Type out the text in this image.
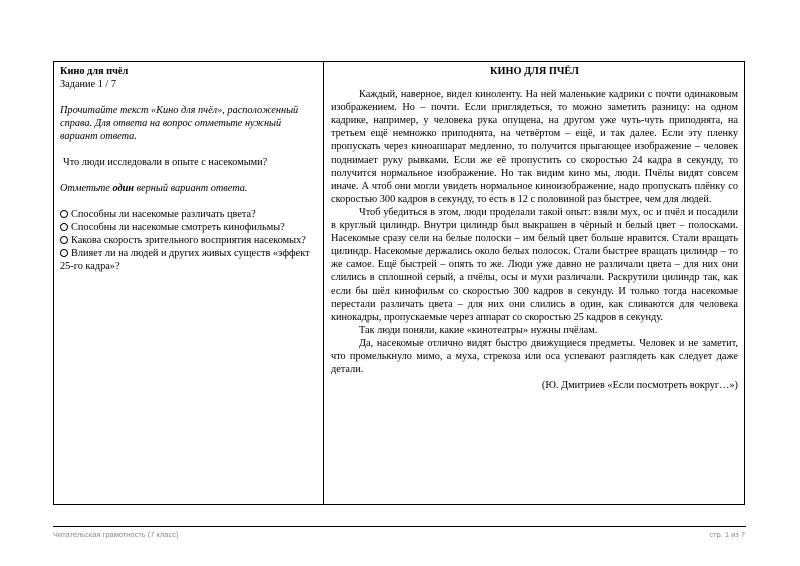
Кино для пчёл
Задание 1 / 7
Прочитайте текст «Кино для пчёл», расположенный справа. Для ответа на вопрос отметьте нужный вариант ответа.
Что люди исследовали в опыте с насекомыми?
Отметьте один верный вариант ответа.
Способны ли насекомые различать цвета?
Способны ли насекомые смотреть кинофильмы?
Какова скорость зрительного восприятия насекомых?
Влияет ли на людей и других живых существ «эффект 25-го кадра»?
КИНО ДЛЯ ПЧЁЛ

Каждый, наверное, видел киноленту. На ней маленькие кадрики с почти одинаковым изображением. Но – почти. Если приглядеться, то можно заметить разницу: на одном кадрике, например, у человека рука опущена, на другом уже чуть-чуть приподнята, на третьем ещё немножко приподнята, на четвёртом – ещё, и так далее. Если эту пленку пропускать через киноаппарат медленно, то получится прыгающее изображение – человек поднимает руку рывками. Если же её пропустить со скоростью 24 кадра в секунду, то получится нормальное изображение. Но так видим кино мы, люди. Пчёлы видят совсем иначе. А чтоб они могли увидеть нормальное киноизображение, надо пропускать плёнку со скоростью 300 кадров в секунду, то есть в 12 с половиной раз быстрее, чем для людей.

Чтоб убедиться в этом, люди проделали такой опыт: взяли мух, ос и пчёл и посадили в круглый цилиндр. Внутри цилиндр был выкрашен в чёрный и белый цвет – полосками. Насекомые сразу сели на белые полоски – им белый цвет больше нравится. Стали вращать цилиндр. Насекомые держались около белых полосок. Стали быстрее вращать цилиндр – то же самое. Ещё быстрей – опять то же. Люди уже давно не различали цвета – для них они слились в сплошной серый, а пчёлы, осы и мухи различали. Раскрутили цилиндр так, как если бы шёл кинофильм со скоростью 300 кадров в секунду. И только тогда насекомые перестали различать цвета – для них они слились в один, как сливаются для человека кинокадры, пропускаемые через аппарат со скоростью 25 кадров в секунду.

Так люди поняли, какие «кинотеатры» нужны пчёлам.

Да, насекомые отлично видят быстро движущиеся предметы. Человек и не заметит, что промелькнуло мимо, а муха, стрекоза или оса успевают разглядеть как следует даже детали.

(Ю. Дмитриев «Если посмотреть вокруг…»)
Читательская грамотность (7 класс)	стр. 1 из 7
